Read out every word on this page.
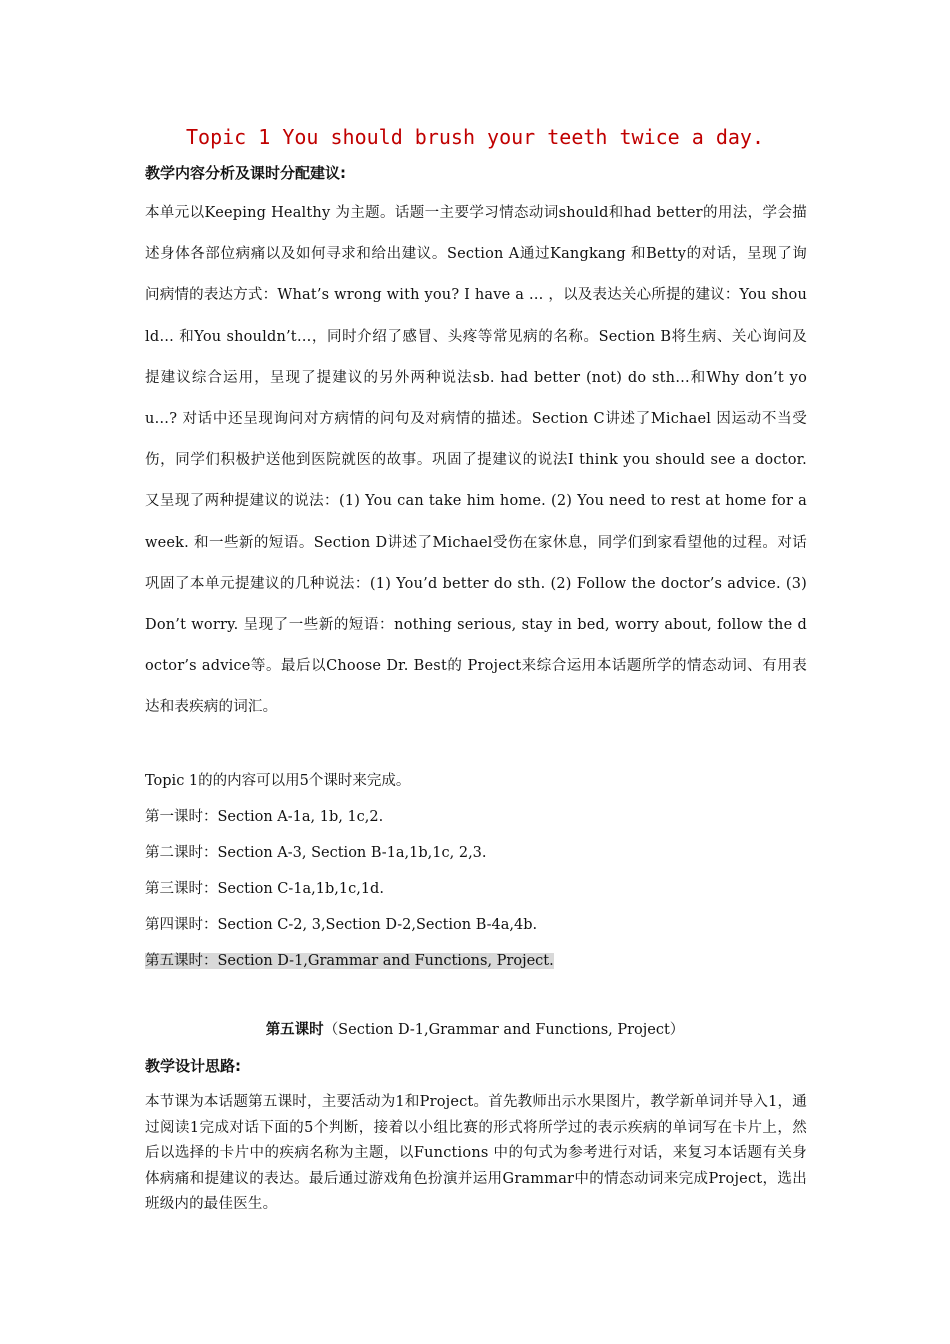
Topic 1 You should brush your teeth twice a day.
教学内容分析及课时分配建议:
本单元以Keeping Healthy 为主题。话题一主要学习情态动词should和had better的用法，学会描述身体各部位病痛以及如何寻求和给出建议。Section A通过Kangkang 和Betty的对话，呈现了询问病情的表达方式：What’s wrong with you? I have a … ，以及表达关心所提的建议：You should… 和You shouldn’t…，同时介绍了感冒、头疼等常见病的名称。Section B将生病、关心询问及提建议综合运用，呈现了提建议的另外两种说法sb. had better (not) do sth…和Why don’t you…? 对话中还呈现询问对方病情的问句及对病情的描述。Section C讲述了Michael 因运动不当受伤，同学们积极护送他到医院就医的故事。巩固了提建议的说法I think you should see a doctor. 又呈现了两种提建议的说法：(1) You can take him home. (2) You need to rest at home for a week. 和一些新的短语。Section D讲述了Michael受伤在家休息，同学们到家看望他的过程。对话巩固了本单元提建议的几种说法：(1) You’d better do sth. (2) Follow the doctor’s advice. (3) Don’t worry. 呈现了一些新的短语：nothing serious, stay in bed, worry about, follow the doctor’s advice等。最后以Choose Dr. Best的 Project来综合运用本话题所学的情态动词、有用表达和表疾病的词汇。
Topic 1的的内容可以用5个课时来完成。
第一课时：Section A-1a, 1b, 1c,2.
第二课时：Section A-3, Section B-1a,1b,1c, 2,3.
第三课时：Section C-1a,1b,1c,1d.
第四课时：Section C-2, 3,Section D-2,Section B-4a,4b.
第五课时：Section D-1,Grammar and Functions, Project.
第五课时（Section D-1,Grammar and Functions, Project）
教学设计思路:
本节课为本话题第五课时，主要活动为1和Project。首先教师出示水果图片，教学新单词并导入1，通过阅读1完成对话下面的5个判断，接着以小组比赛的形式将所学过的表示疾病的单词写在卡片上，然后以选择的卡片中的疾病名称为主题，以Functions 中的句式为参考进行对话，来复习本话题有关身体病痛和提建议的表达。最后通过游戏角色扮演并运用Grammar中的情态动词来完成Project，选出班级内的最佳医生。
